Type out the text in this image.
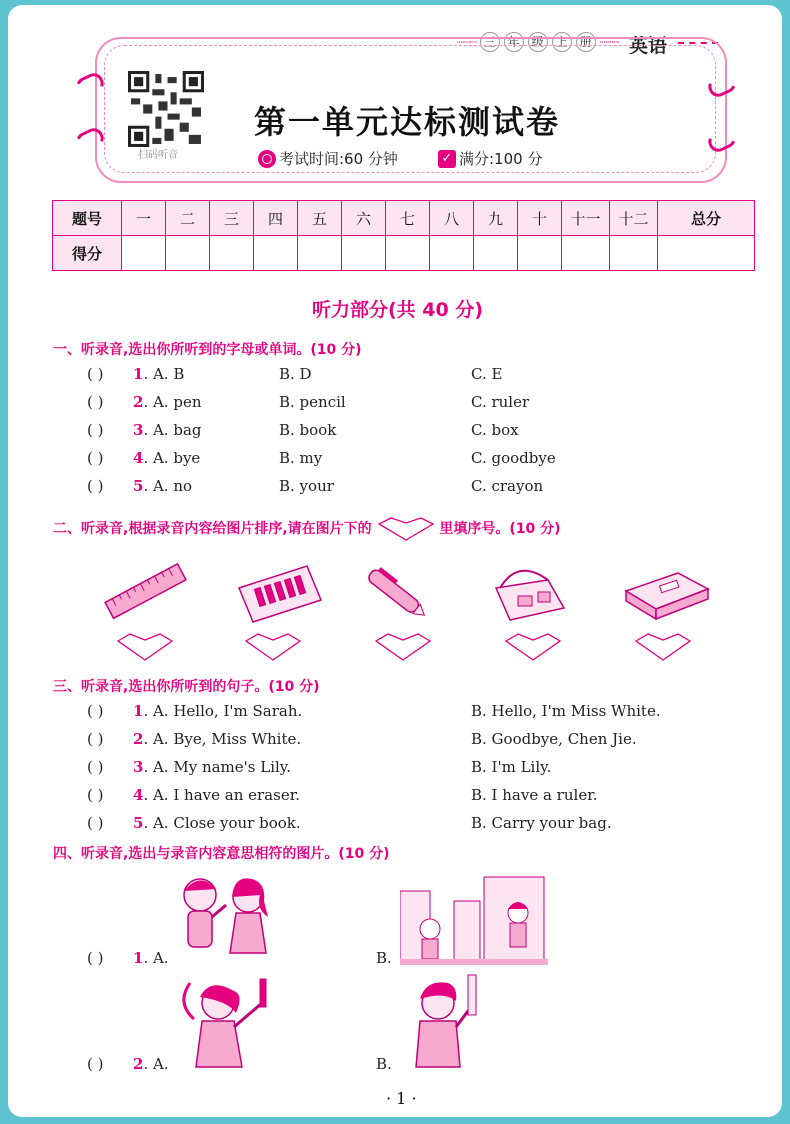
┈┈┈ 三 年 级 上 册 ┈┈┈ 英语
扫码听音
第一单元达标测试卷
考试时间:60 分钟	✓ 满分:100 分
题号	一	二	三	四	五	六	七	八	九	十	十一	十二	总分
得分													
听力部分(共 40 分)
一、听录音,选出你所听到的字母或单词。(10 分)
( ) 1. A. B	B. D	C. E
( ) 2. A. pen	B. pencil	C. ruler
( ) 3. A. bag	B. book	C. box
( ) 4. A. bye	B. my	C. goodbye
( ) 5. A. no	B. your	C. crayon
二、听录音,根据录音内容给图片排序,请在图片下的	里填序号。(10 分)
三、听录音,选出你所听到的句子。(10 分)
( ) 1. A. Hello, I'm Sarah.	B. Hello, I'm Miss White.
( ) 2. A. Bye, Miss White.	B. Goodbye, Chen Jie.
( ) 3. A. My name's Lily.	B. I'm Lily.
( ) 4. A. I have an eraser.	B. I have a ruler.
( ) 5. A. Close your book.	B. Carry your bag.
四、听录音,选出与录音内容意思相符的图片。(10 分)
( ) 1. A.	B.
( ) 2. A.	B.
· 1 ·
